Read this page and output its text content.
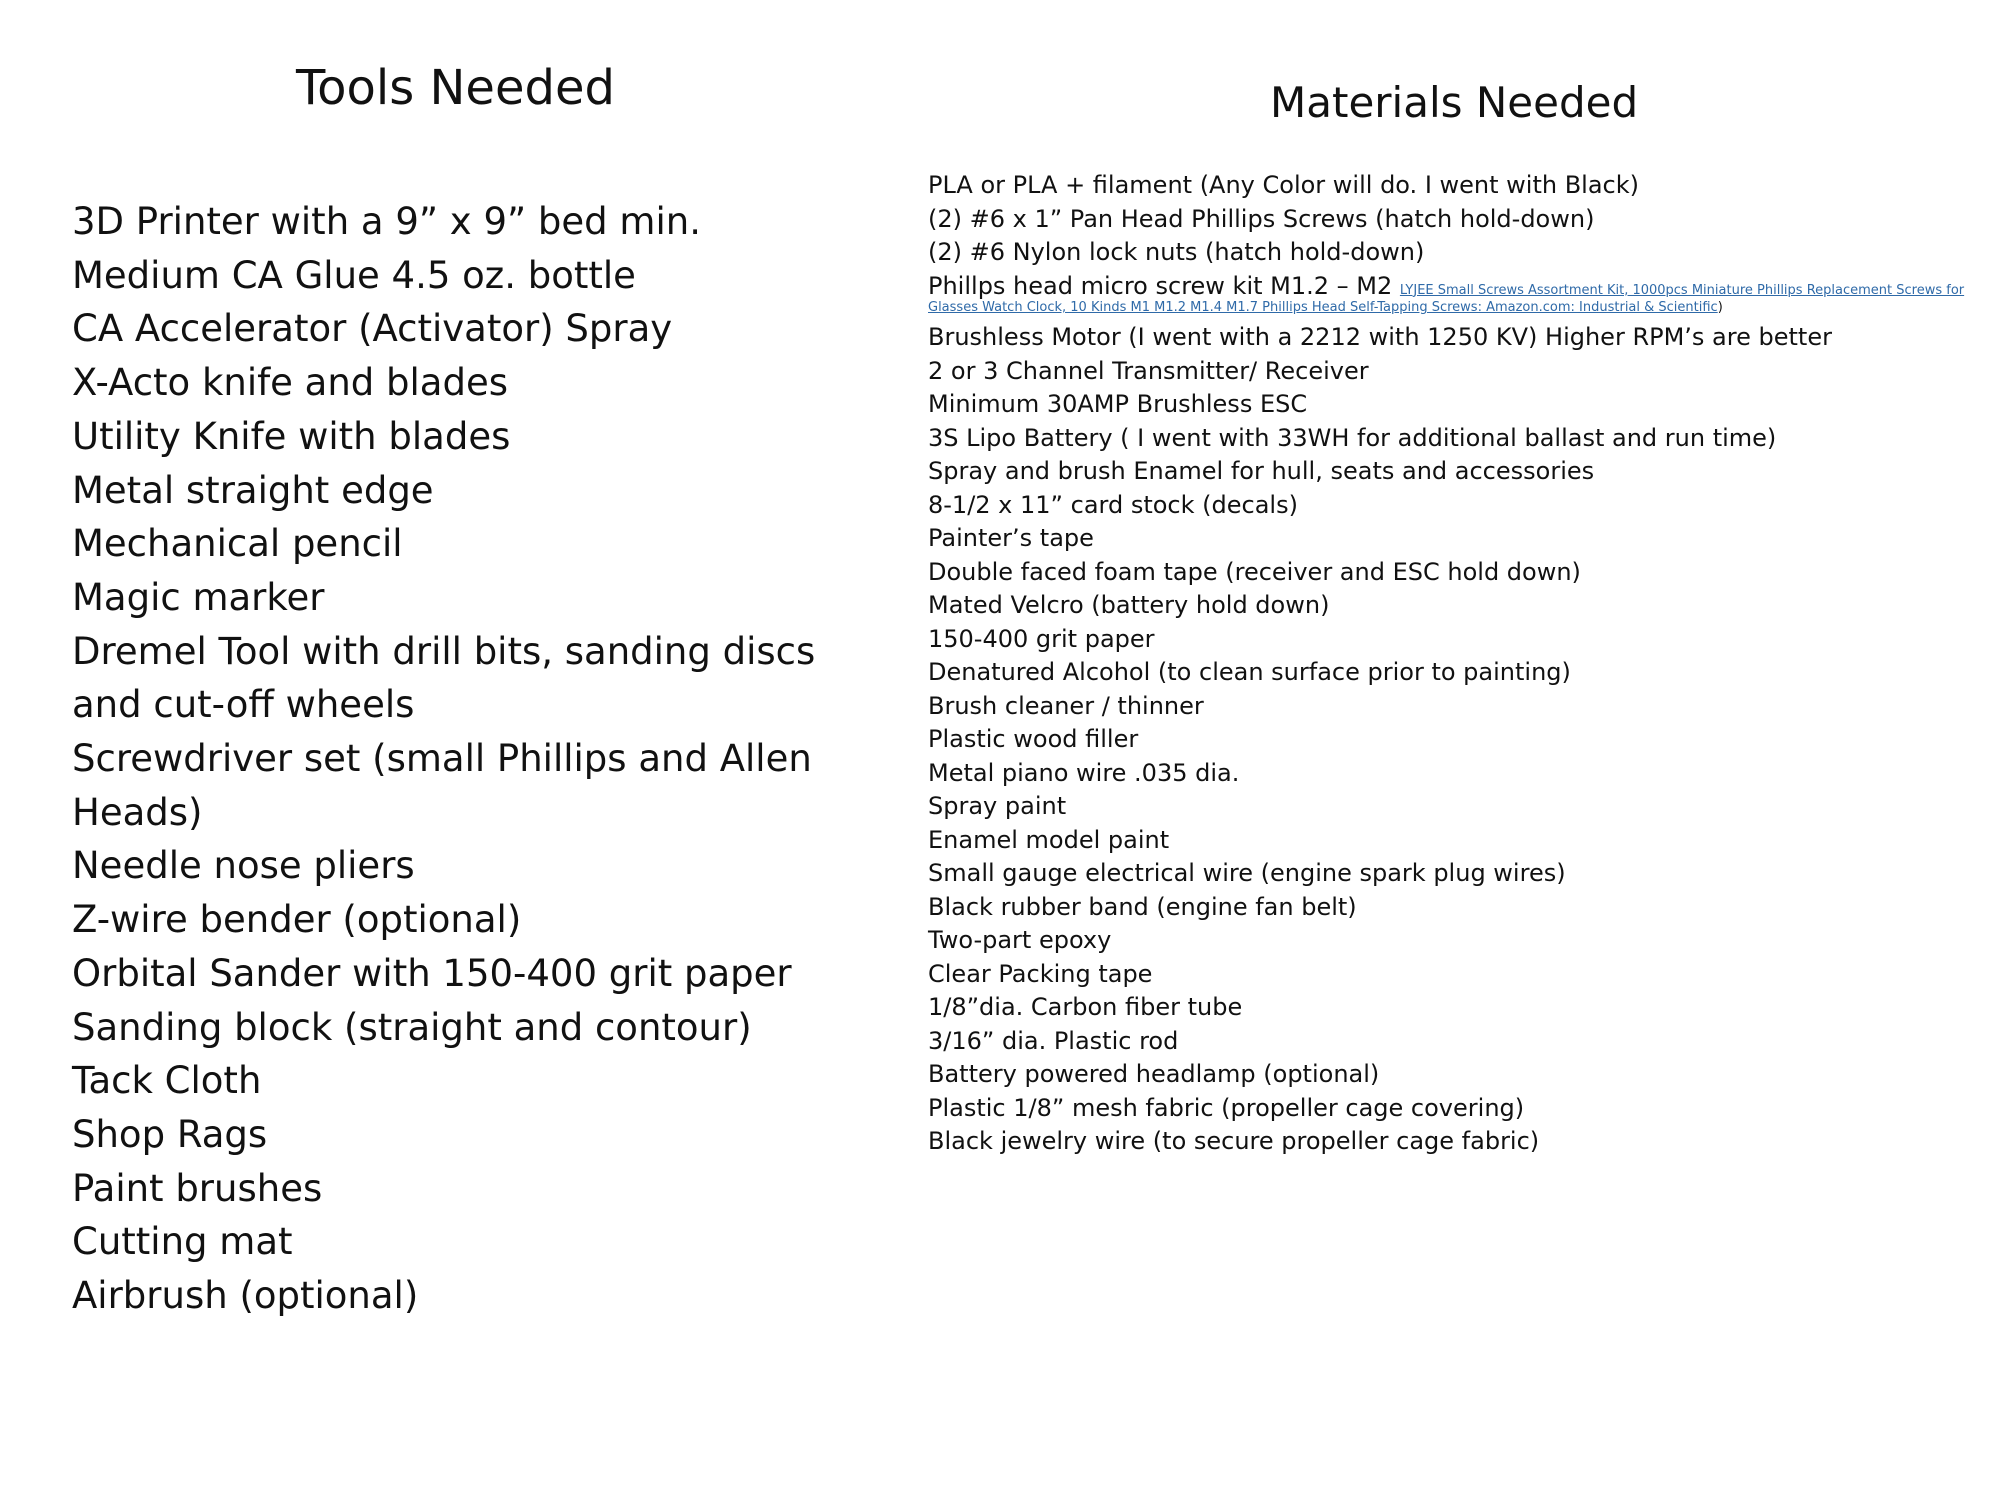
Tools Needed
3D Printer with a 9” x 9” bed min.
Medium CA Glue 4.5 oz. bottle
CA Accelerator (Activator) Spray
X-Acto knife and blades
Utility Knife with blades
Metal straight edge
Mechanical pencil
Magic marker
Dremel Tool with drill bits, sanding discs
and cut-off wheels
Screwdriver set (small Phillips and Allen
Heads)
Needle nose pliers
Z-wire bender (optional)
Orbital Sander with 150-400 grit paper
Sanding block (straight and contour)
Tack Cloth
Shop Rags
Paint brushes
Cutting mat
Airbrush (optional)
Materials Needed
PLA or PLA + filament (Any Color will do. I went with Black)
(2) #6 x 1” Pan Head Phillips Screws (hatch hold-down)
(2) #6 Nylon lock nuts (hatch hold-down)
Phillps head micro screw kit M1.2 – M2 LYJEE Small Screws Assortment Kit, 1000pcs Miniature Phillips Replacement Screws for
Glasses Watch Clock, 10 Kinds M1 M1.2 M1.4 M1.7 Phillips Head Self-Tapping Screws: Amazon.com: Industrial & Scientific)
Brushless Motor (I went with a 2212 with 1250 KV) Higher RPM’s are better
2 or 3 Channel Transmitter/ Receiver
Minimum 30AMP Brushless ESC
3S Lipo Battery ( I went with 33WH for additional ballast and run time)
Spray and brush Enamel for hull, seats and accessories
8-1/2 x 11” card stock (decals)
Painter’s tape
Double faced foam tape (receiver and ESC hold down)
Mated Velcro (battery hold down)
150-400 grit paper
Denatured Alcohol (to clean surface prior to painting)
Brush cleaner / thinner
Plastic wood filler
Metal piano wire .035 dia.
Spray paint
Enamel model paint
Small gauge electrical wire (engine spark plug wires)
Black rubber band (engine fan belt)
Two-part epoxy
Clear Packing tape
1/8”dia. Carbon fiber tube
3/16” dia. Plastic rod
Battery powered headlamp (optional)
Plastic 1/8” mesh fabric (propeller cage covering)
Black jewelry wire (to secure propeller cage fabric)
